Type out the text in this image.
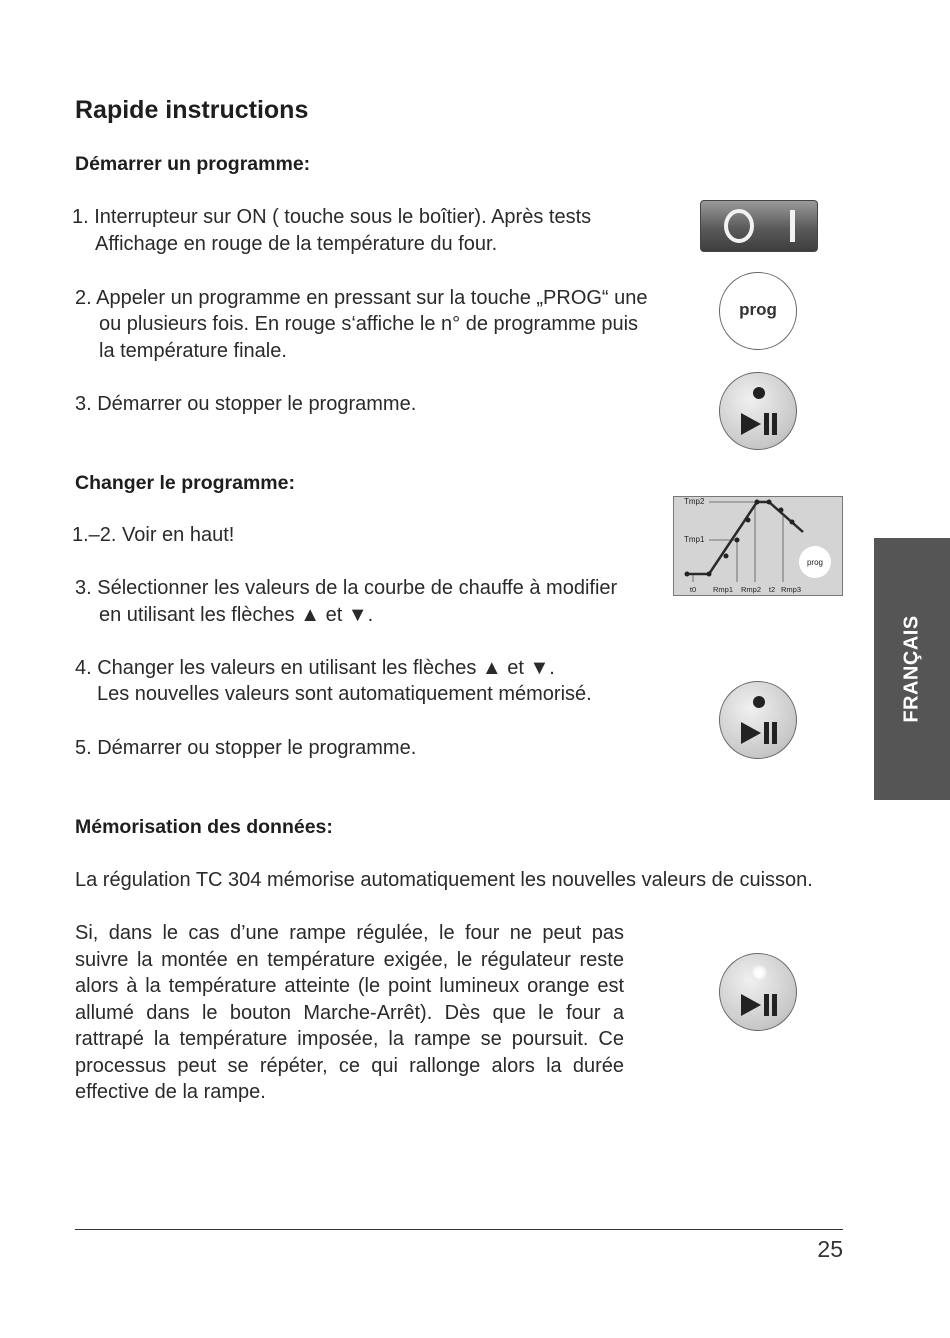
Rapide instructions
Démarrer un programme:
1. Interrupteur sur ON ( touche sous le boîtier). Après tests
Affichage en rouge de la température du four.
2. Appeler un programme en pressant sur la touche „PROG“ une
ou plusieurs fois. En rouge s‘affiche le n° de programme puis
la température finale.
3. Démarrer ou stopper le programme.
Changer le programme:
1.–2. Voir en haut!
3. Sélectionner les valeurs de la courbe de chauffe à modifier
en utilisant les flèches ▲ et ▼.
4. Changer les valeurs en utilisant les flèches ▲ et ▼.
Les nouvelles valeurs sont automatiquement mémorisé.
5. Démarrer ou stopper le programme.
Mémorisation des données:
La régulation TC 304 mémorise automatiquement les nouvelles valeurs de cuisson.
Si, dans le cas d’une rampe régulée, le four ne peut pas suivre la montée en température exigée, le régulateur reste alors à la température atteinte (le point lumineux orange est allumé dans le bouton Marche-Arrêt). Dès que le four a rattrapé la température imposée, la rampe se poursuit. Ce processus peut se répéter, ce qui rallonge alors la durée effective de la rampe.
prog
Tmp2
Tmp1
prog
t0 Rmp1 Rmp2 t2 Rmp3
FRANÇAIS
25
